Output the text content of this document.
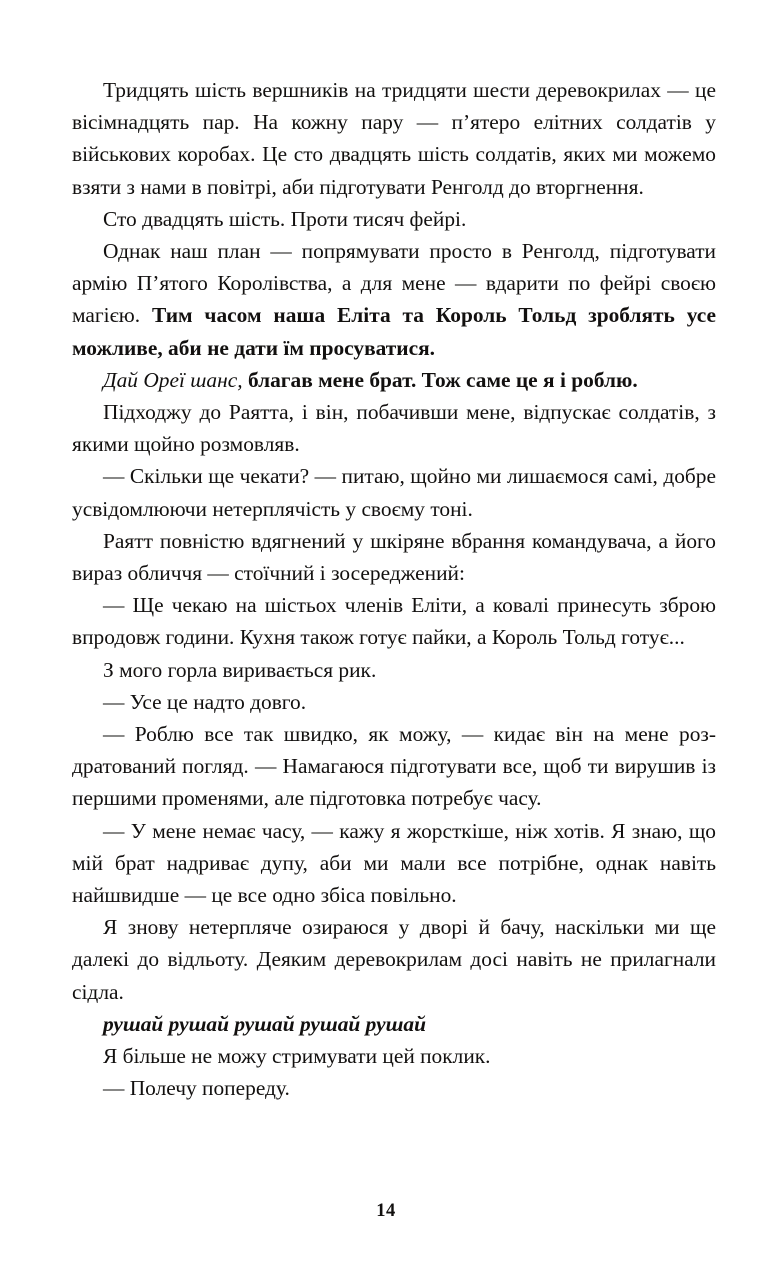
Тридцять шість вершників на тридцяти шести деревокрилах — це вісімнадцять пар. На кожну пару — п’ятеро елітних солдатів у військових коробах. Це сто двадцять шість солдатів, яких ми можемо взяти з нами в повітрі, аби підготувати Ренголд до вторгнення.

Сто двадцять шість. Проти тисяч фейрі.

Однак наш план — попрямувати просто в Ренголд, підготувати армію П’ятого Королівства, а для мене — вдарити по фейрі своєю магією. Тим часом наша Еліта та Король Тольд зроблять усе можливе, аби не дати їм просуватися.

Дай Ореї шанс, благав мене брат. Тож саме це я і роблю.

Підходжу до Раятта, і він, побачивши мене, відпускає солдатів, з якими щойно розмовляв.

— Скільки ще чекати? — питаю, щойно ми лишаємося самі, добре усвідомлюючи нетерплячість у своєму тоні.

Раятт повністю вдягнений у шкіряне вбрання командувача, а його вираз обличчя — стоїчний і зосереджений:

— Ще чекаю на шістьох членів Еліти, а ковалі принесуть зброю впродовж години. Кухня також готує пайки, а Король Тольд готує...

З мого горла виривається рик.

— Усе це надто довго.

— Роблю все так швидко, як можу, — кидає він на мене роздратований погляд. — Намагаюся підготувати все, щоб ти вирушив із першими променями, але підготовка потребує часу.

— У мене немає часу, — кажу я жорсткіше, ніж хотів. Я знаю, що мій брат надриває дупу, аби ми мали все потрібне, однак навіть найшвидше — це все одно збіса повільно.

Я знову нетерпляче озираюся у дворі й бачу, наскільки ми ще далекі до відльоту. Деяким деревокрилам досі навіть не прилагнали сідла.

рушай рушай рушай рушай рушай

Я більше не можу стримувати цей поклик.

— Полечу попереду.

14
